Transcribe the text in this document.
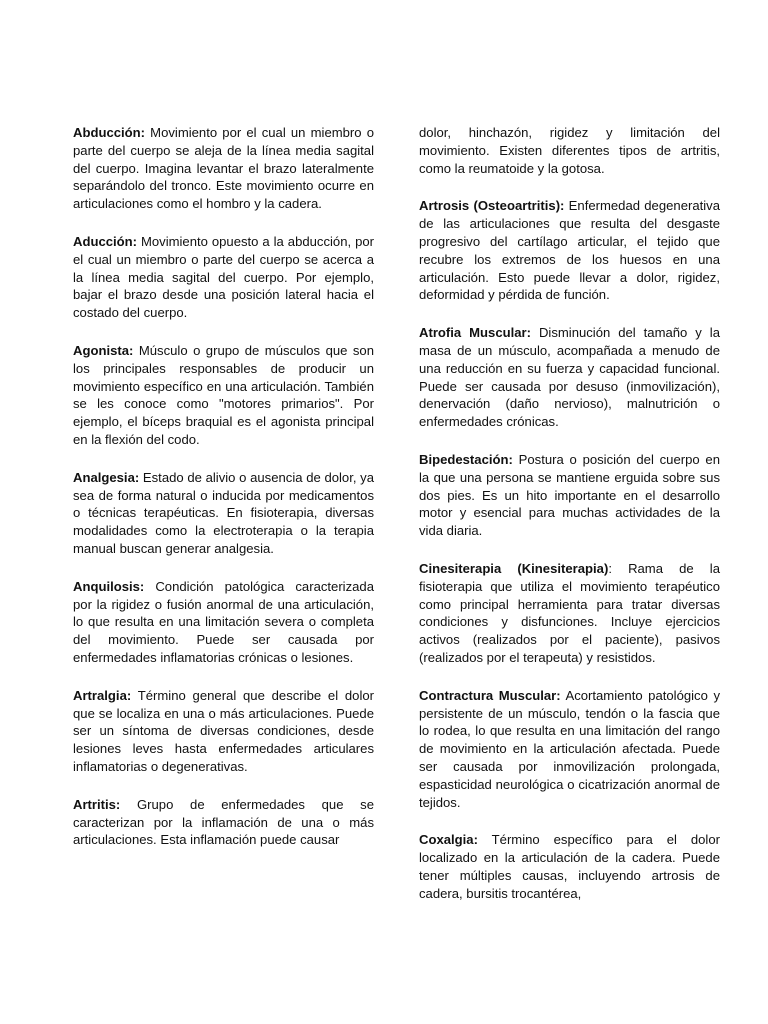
Abducción: Movimiento por el cual un miembro o parte del cuerpo se aleja de la línea media sagital del cuerpo. Imagina levantar el brazo lateralmente separándolo del tronco. Este movimiento ocurre en articulaciones como el hombro y la cadera.

Aducción: Movimiento opuesto a la abducción, por el cual un miembro o parte del cuerpo se acerca a la línea media sagital del cuerpo. Por ejemplo, bajar el brazo desde una posición lateral hacia el costado del cuerpo.

Agonista: Músculo o grupo de músculos que son los principales responsables de producir un movimiento específico en una articulación. También se les conoce como "motores primarios". Por ejemplo, el bíceps braquial es el agonista principal en la flexión del codo.

Analgesia: Estado de alivio o ausencia de dolor, ya sea de forma natural o inducida por medicamentos o técnicas terapéuticas. En fisioterapia, diversas modalidades como la electroterapia o la terapia manual buscan generar analgesia.

Anquilosis: Condición patológica caracterizada por la rigidez o fusión anormal de una articulación, lo que resulta en una limitación severa o completa del movimiento. Puede ser causada por enfermedades inflamatorias crónicas o lesiones.

Artralgia: Término general que describe el dolor que se localiza en una o más articulaciones. Puede ser un síntoma de diversas condiciones, desde lesiones leves hasta enfermedades articulares inflamatorias o degenerativas.

Artritis: Grupo de enfermedades que se caracterizan por la inflamación de una o más articulaciones. Esta inflamación puede causar

dolor, hinchazón, rigidez y limitación del movimiento. Existen diferentes tipos de artritis, como la reumatoide y la gotosa.

Artrosis (Osteoartritis): Enfermedad degenerativa de las articulaciones que resulta del desgaste progresivo del cartílago articular, el tejido que recubre los extremos de los huesos en una articulación. Esto puede llevar a dolor, rigidez, deformidad y pérdida de función.

Atrofia Muscular: Disminución del tamaño y la masa de un músculo, acompañada a menudo de una reducción en su fuerza y capacidad funcional. Puede ser causada por desuso (inmovilización), denervación (daño nervioso), malnutrición o enfermedades crónicas.

Bipedestación: Postura o posición del cuerpo en la que una persona se mantiene erguida sobre sus dos pies. Es un hito importante en el desarrollo motor y esencial para muchas actividades de la vida diaria.

Cinesiterapia (Kinesiterapia): Rama de la fisioterapia que utiliza el movimiento terapéutico como principal herramienta para tratar diversas condiciones y disfunciones. Incluye ejercicios activos (realizados por el paciente), pasivos (realizados por el terapeuta) y resistidos.

Contractura Muscular: Acortamiento patológico y persistente de un músculo, tendón o la fascia que lo rodea, lo que resulta en una limitación del rango de movimiento en la articulación afectada. Puede ser causada por inmovilización prolongada, espasticidad neurológica o cicatrización anormal de tejidos.

Coxalgia: Término específico para el dolor localizado en la articulación de la cadera. Puede tener múltiples causas, incluyendo artrosis de cadera, bursitis trocantérea,
